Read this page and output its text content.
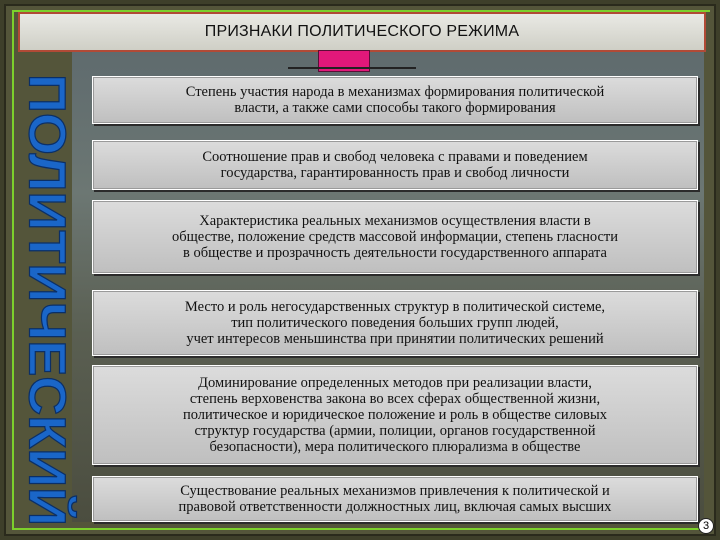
ПРИЗНАКИ ПОЛИТИЧЕСКОГО РЕЖИМА
ПОЛИТИЧЕСКИЙ	Степень участия народа в механизмах формирования политической
власти, а также сами способы такого формирования
Соотношение прав и свобод человека с правами и поведением
государства, гарантированность прав и свобод личности
Характеристика реальных механизмов осуществления власти в
обществе, положение средств массовой информации, степень гласности
в обществе и прозрачность деятельности государственного аппарата
Место и роль негосударственных структур в политической системе,
тип политического поведения больших групп людей,
учет интересов меньшинства при принятии политических решений
Доминирование определенных методов при реализации власти,
степень верховенства закона во всех сферах общественной жизни,
политическое и юридическое положение и роль в обществе силовых
структур государства (армии, полиции, органов государственной
безопасности), мера политического плюрализма в обществе
Существование реальных механизмов привлечения к политической и
правовой ответственности должностных лиц, включая самых высших
3
